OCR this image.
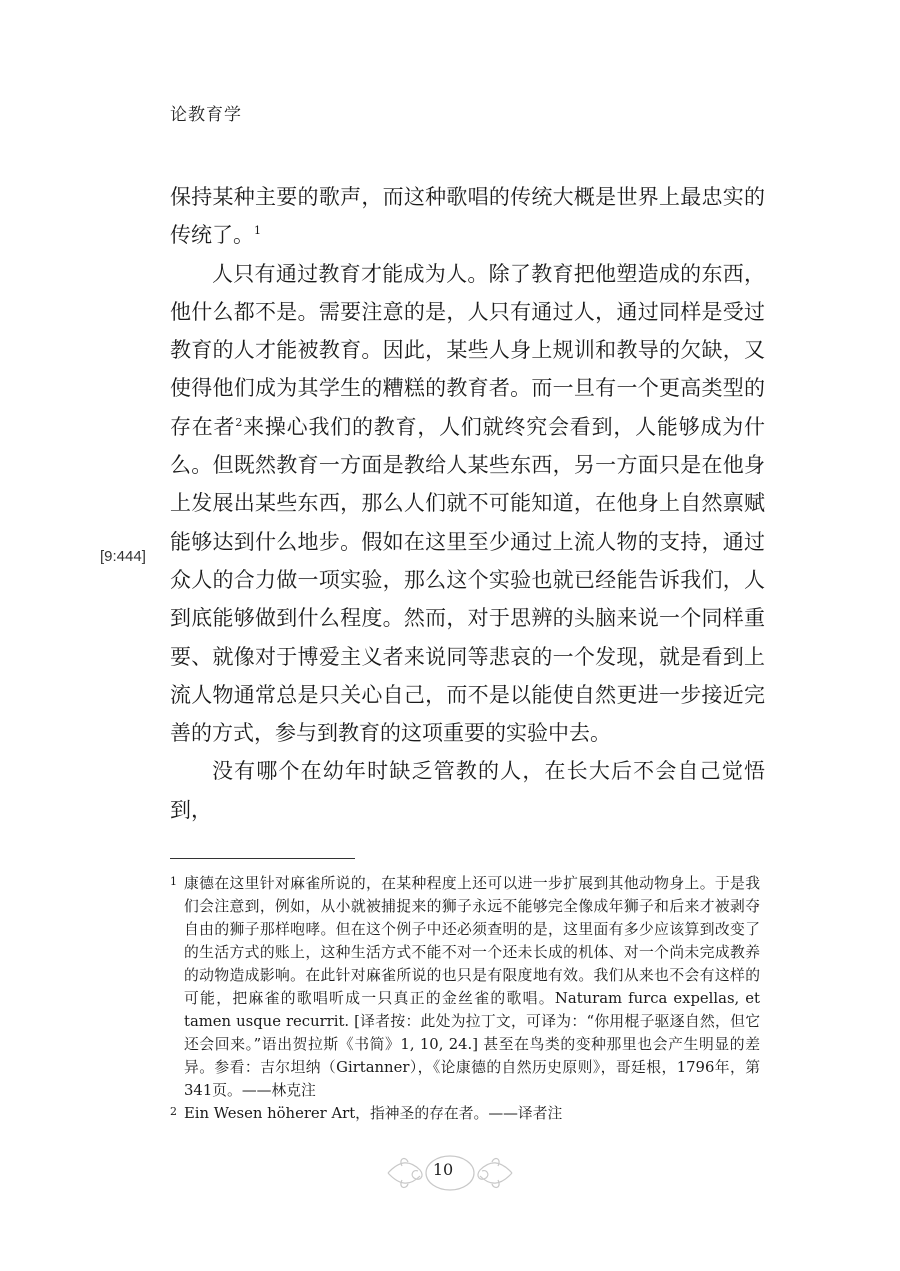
论教育学
[9:444]

保持某种主要的歌声，而这种歌唱的传统大概是世界上最忠实的传统了。$^1$

人只有通过教育才能成为人。除了教育把他塑造成的东西，他什么都不是。需要注意的是，人只有通过人，通过同样是受过教育的人才能被教育。因此，某些人身上规训和教导的欠缺，又使得他们成为其学生的糟糕的教育者。而一旦有一个更高类型的存在者$^2$来操心我们的教育，人们就终究会看到，人能够成为什么。但既然教育一方面是教给人某些东西，另一方面只是在他身上发展出某些东西，那么人们就不可能知道，在他身上自然禀赋能够达到什么地步。假如在这里至少通过上流人物的支持，通过众人的合力做一项实验，那么这个实验也就已经能告诉我们，人到底能够做到什么程度。然而，对于思辨的头脑来说一个同样重要、就像对于博爱主义者来说同等悲哀的一个发现，就是看到上流人物通常总是只关心自己，而不是以能使自然更进一步接近完善的方式，参与到教育的这项重要的实验中去。

没有哪个在幼年时缺乏管教的人，在长大后不会自己觉悟到，

1 康德在这里针对麻雀所说的，在某种程度上还可以进一步扩展到其他动物身上。于是我们会注意到，例如，从小就被捕捉来的狮子永远不能够完全像成年狮子和后来才被剥夺自由的狮子那样咆哮。但在这个例子中还必须查明的是，这里面有多少应该算到改变了的生活方式的账上，这种生活方式不能不对一个还未长成的机体、对一个尚未完成教养的动物造成影响。在此针对麻雀所说的也只是有限度地有效。我们从来也不会有这样的可能，把麻雀的歌唱听成一只真正的金丝雀的歌唱。Naturam furca expellas, et tamen usque recurrit. [译者按：此处为拉丁文，可译为：“你用棍子驱逐自然，但它还会回来。”语出贺拉斯《书简》1, 10, 24.] 甚至在鸟类的变种那里也会产生明显的差异。参看：吉尔坦纳（Girtanner），《论康德的自然历史原则》，哥廷根，1796年，第341页。——林克注
2 Ein Wesen höherer Art，指神圣的存在者。——译者注
10
